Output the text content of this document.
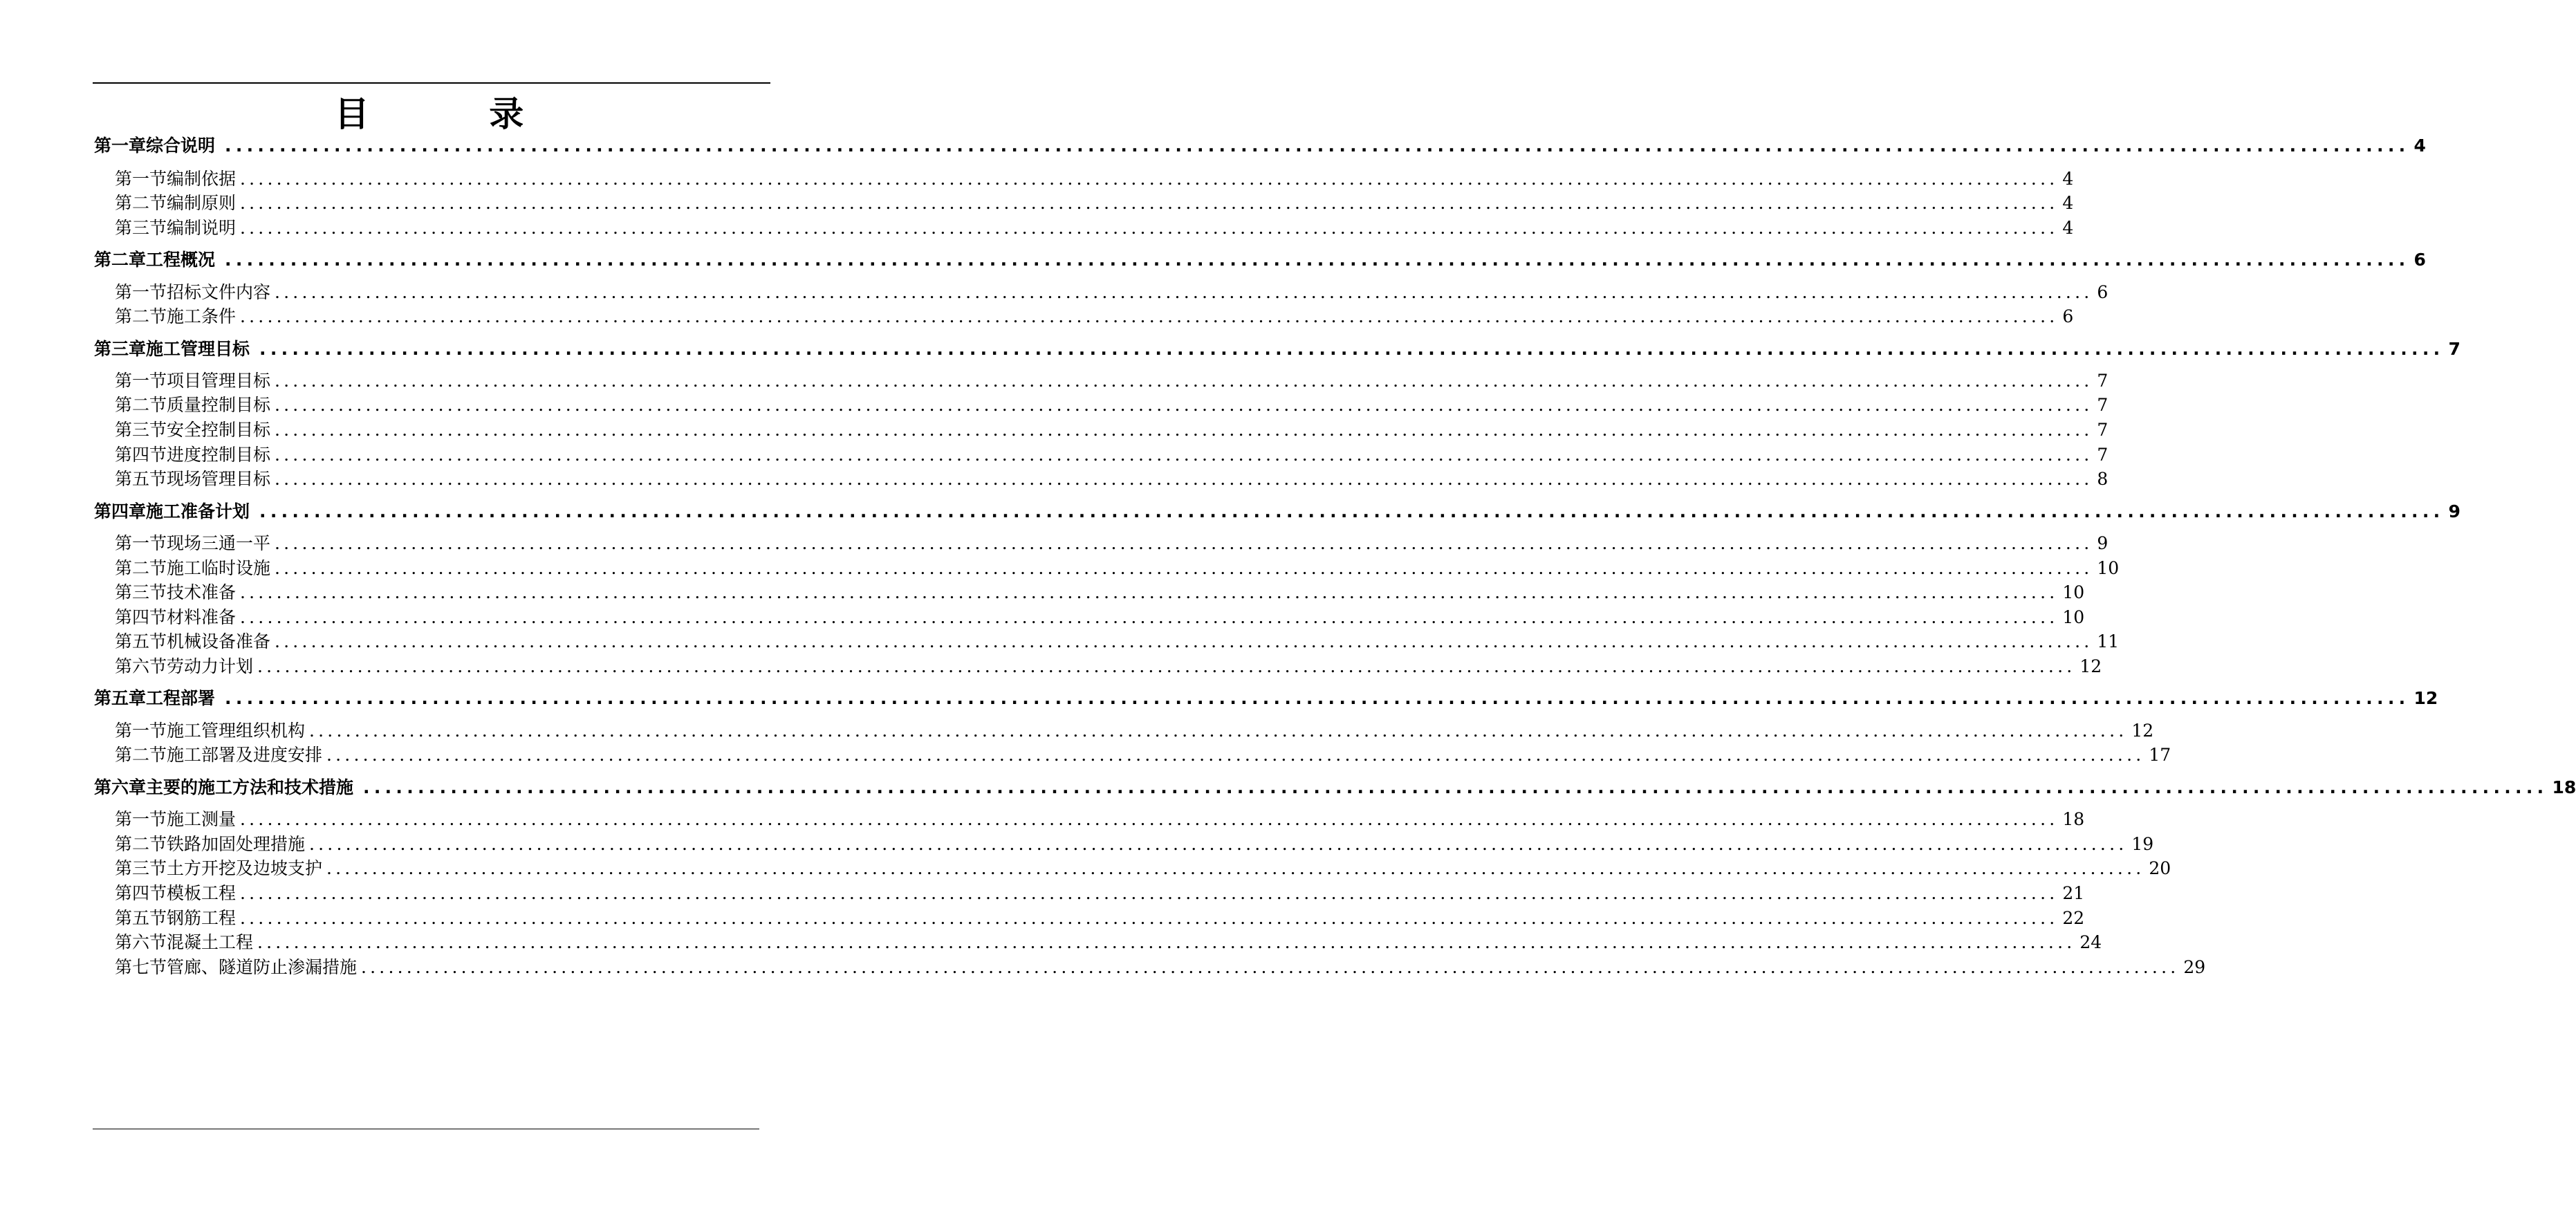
目 录
第一章综合说明 ........................................................................................................................................................................................................ 4
第一节编制依据 ........................................................................................................................................................................................................ 4
第二节编制原则 ........................................................................................................................................................................................................ 4
第三节编制说明 ........................................................................................................................................................................................................ 4
第二章工程概况 ........................................................................................................................................................................................................ 6
第一节招标文件内容 ........................................................................................................................................................................................................ 6
第二节施工条件 ........................................................................................................................................................................................................ 6
第三章施工管理目标 ........................................................................................................................................................................................................ 7
第一节项目管理目标 ........................................................................................................................................................................................................ 7
第二节质量控制目标 ........................................................................................................................................................................................................ 7
第三节安全控制目标 ........................................................................................................................................................................................................ 7
第四节进度控制目标 ........................................................................................................................................................................................................ 7
第五节现场管理目标 ........................................................................................................................................................................................................ 8
第四章施工准备计划 ........................................................................................................................................................................................................ 9
第一节现场三通一平 ........................................................................................................................................................................................................ 9
第二节施工临时设施 ........................................................................................................................................................................................................ 10
第三节技术准备 ........................................................................................................................................................................................................ 10
第四节材料准备 ........................................................................................................................................................................................................ 10
第五节机械设备准备 ........................................................................................................................................................................................................ 11
第六节劳动力计划 ........................................................................................................................................................................................................ 12
第五章工程部署 ........................................................................................................................................................................................................ 12
第一节施工管理组织机构 ........................................................................................................................................................................................................ 12
第二节施工部署及进度安排 ........................................................................................................................................................................................................ 17
第六章主要的施工方法和技术措施 ........................................................................................................................................................................................................ 18
第一节施工测量 ........................................................................................................................................................................................................ 18
第二节铁路加固处理措施 ........................................................................................................................................................................................................ 19
第三节土方开挖及边坡支护 ........................................................................................................................................................................................................ 20
第四节模板工程 ........................................................................................................................................................................................................ 21
第五节钢筋工程 ........................................................................................................................................................................................................ 22
第六节混凝土工程 ........................................................................................................................................................................................................ 24
第七节管廊、隧道防止渗漏措施 ........................................................................................................................................................................................................ 29
